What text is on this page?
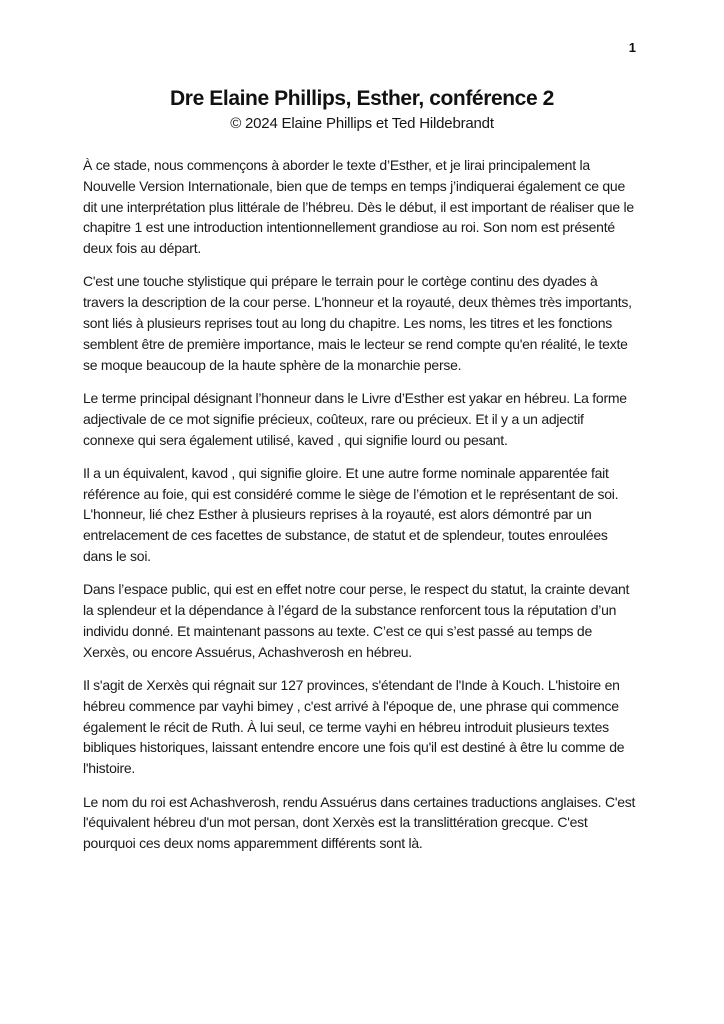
1
Dre Elaine Phillips, Esther, conférence 2
© 2024 Elaine Phillips et Ted Hildebrandt

À ce stade, nous commençons à aborder le texte d’Esther, et je lirai principalement la Nouvelle Version Internationale, bien que de temps en temps j’indiquerai également ce que dit une interprétation plus littérale de l’hébreu. Dès le début, il est important de réaliser que le chapitre 1 est une introduction intentionnellement grandiose au roi. Son nom est présenté deux fois au départ.

C'est une touche stylistique qui prépare le terrain pour le cortège continu des dyades à travers la description de la cour perse. L'honneur et la royauté, deux thèmes très importants, sont liés à plusieurs reprises tout au long du chapitre. Les noms, les titres et les fonctions semblent être de première importance, mais le lecteur se rend compte qu'en réalité, le texte se moque beaucoup de la haute sphère de la monarchie perse.

Le terme principal désignant l’honneur dans le Livre d’Esther est yakar en hébreu. La forme adjectivale de ce mot signifie précieux, coûteux, rare ou précieux. Et il y a un adjectif connexe qui sera également utilisé, kaved , qui signifie lourd ou pesant.

Il a un équivalent, kavod , qui signifie gloire. Et une autre forme nominale apparentée fait référence au foie, qui est considéré comme le siège de l’émotion et le représentant de soi. L'honneur, lié chez Esther à plusieurs reprises à la royauté, est alors démontré par un entrelacement de ces facettes de substance, de statut et de splendeur, toutes enroulées dans le soi.

Dans l’espace public, qui est en effet notre cour perse, le respect du statut, la crainte devant la splendeur et la dépendance à l’égard de la substance renforcent tous la réputation d’un individu donné. Et maintenant passons au texte. C’est ce qui s’est passé au temps de Xerxès, ou encore Assuérus, Achashverosh en hébreu.

Il s'agit de Xerxès qui régnait sur 127 provinces, s'étendant de l'Inde à Kouch. L'histoire en hébreu commence par vayhi bimey , c'est arrivé à l'époque de, une phrase qui commence également le récit de Ruth. À lui seul, ce terme vayhi en hébreu introduit plusieurs textes bibliques historiques, laissant entendre encore une fois qu'il est destiné à être lu comme de l'histoire.

Le nom du roi est Achashverosh, rendu Assuérus dans certaines traductions anglaises. C'est l'équivalent hébreu d'un mot persan, dont Xerxès est la translittération grecque. C'est pourquoi ces deux noms apparemment différents sont là.
